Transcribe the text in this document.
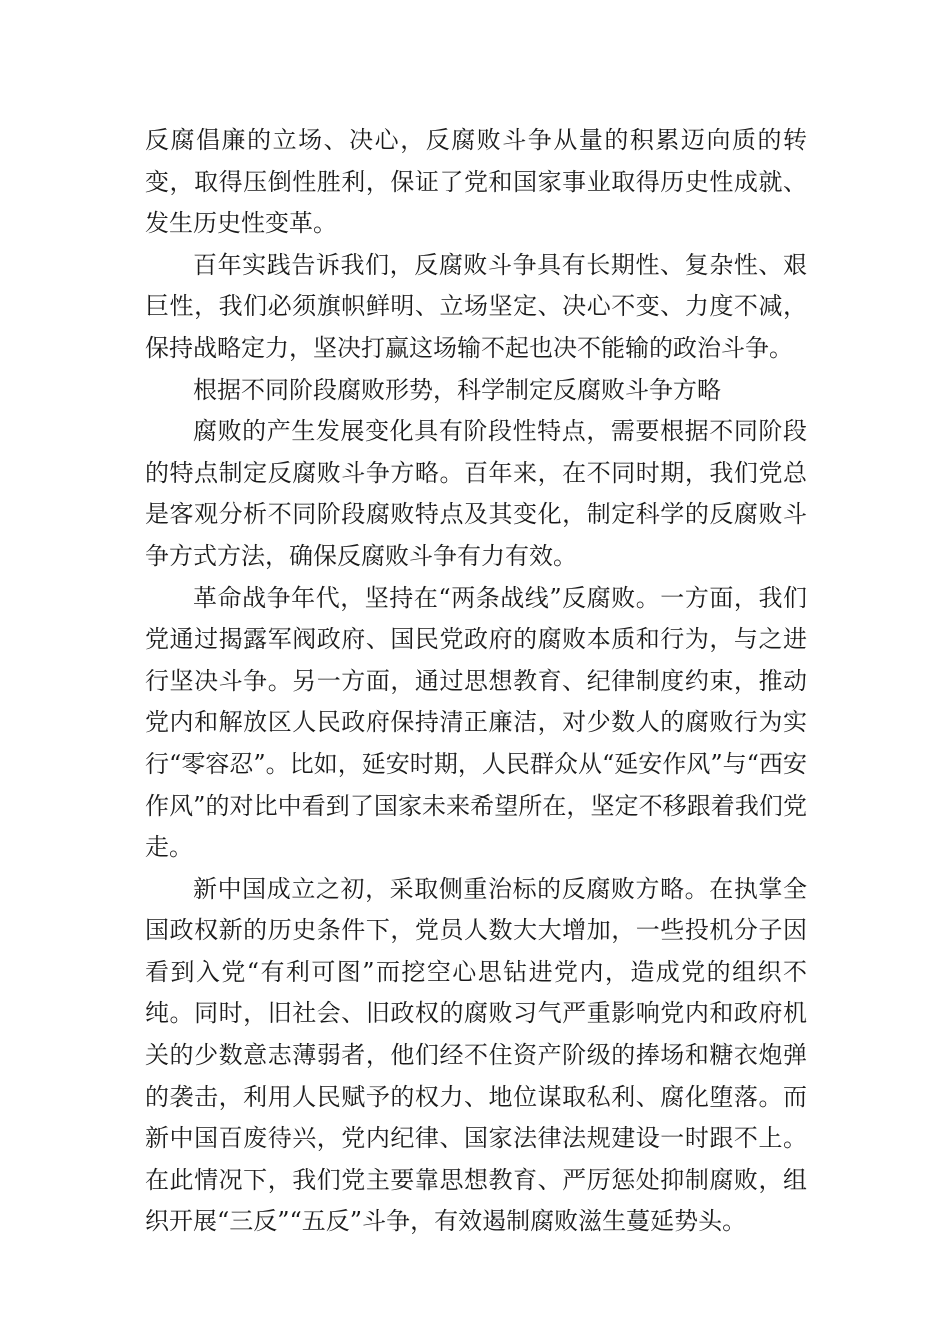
反腐倡廉的立场、决心，反腐败斗争从量的积累迈向质的转变，取得压倒性胜利，保证了党和国家事业取得历史性成就、发生历史性变革。

百年实践告诉我们，反腐败斗争具有长期性、复杂性、艰巨性，我们必须旗帜鲜明、立场坚定、决心不变、力度不减，保持战略定力，坚决打赢这场输不起也决不能输的政治斗争。

根据不同阶段腐败形势，科学制定反腐败斗争方略

腐败的产生发展变化具有阶段性特点，需要根据不同阶段的特点制定反腐败斗争方略。百年来，在不同时期，我们党总是客观分析不同阶段腐败特点及其变化，制定科学的反腐败斗争方式方法，确保反腐败斗争有力有效。

革命战争年代，坚持在“两条战线”反腐败。一方面，我们党通过揭露军阀政府、国民党政府的腐败本质和行为，与之进行坚决斗争。另一方面，通过思想教育、纪律制度约束，推动党内和解放区人民政府保持清正廉洁，对少数人的腐败行为实行“零容忍”。比如，延安时期，人民群众从“延安作风”与“西安作风”的对比中看到了国家未来希望所在，坚定不移跟着我们党走。

新中国成立之初，采取侧重治标的反腐败方略。在执掌全国政权新的历史条件下，党员人数大大增加，一些投机分子因看到入党“有利可图”而挖空心思钻进党内，造成党的组织不纯。同时，旧社会、旧政权的腐败习气严重影响党内和政府机关的少数意志薄弱者，他们经不住资产阶级的捧场和糖衣炮弹的袭击，利用人民赋予的权力、地位谋取私利、腐化堕落。而新中国百废待兴，党内纪律、国家法律法规建设一时跟不上。在此情况下，我们党主要靠思想教育、严厉惩处抑制腐败，组织开展“三反”“五反”斗争，有效遏制腐败滋生蔓延势头。
